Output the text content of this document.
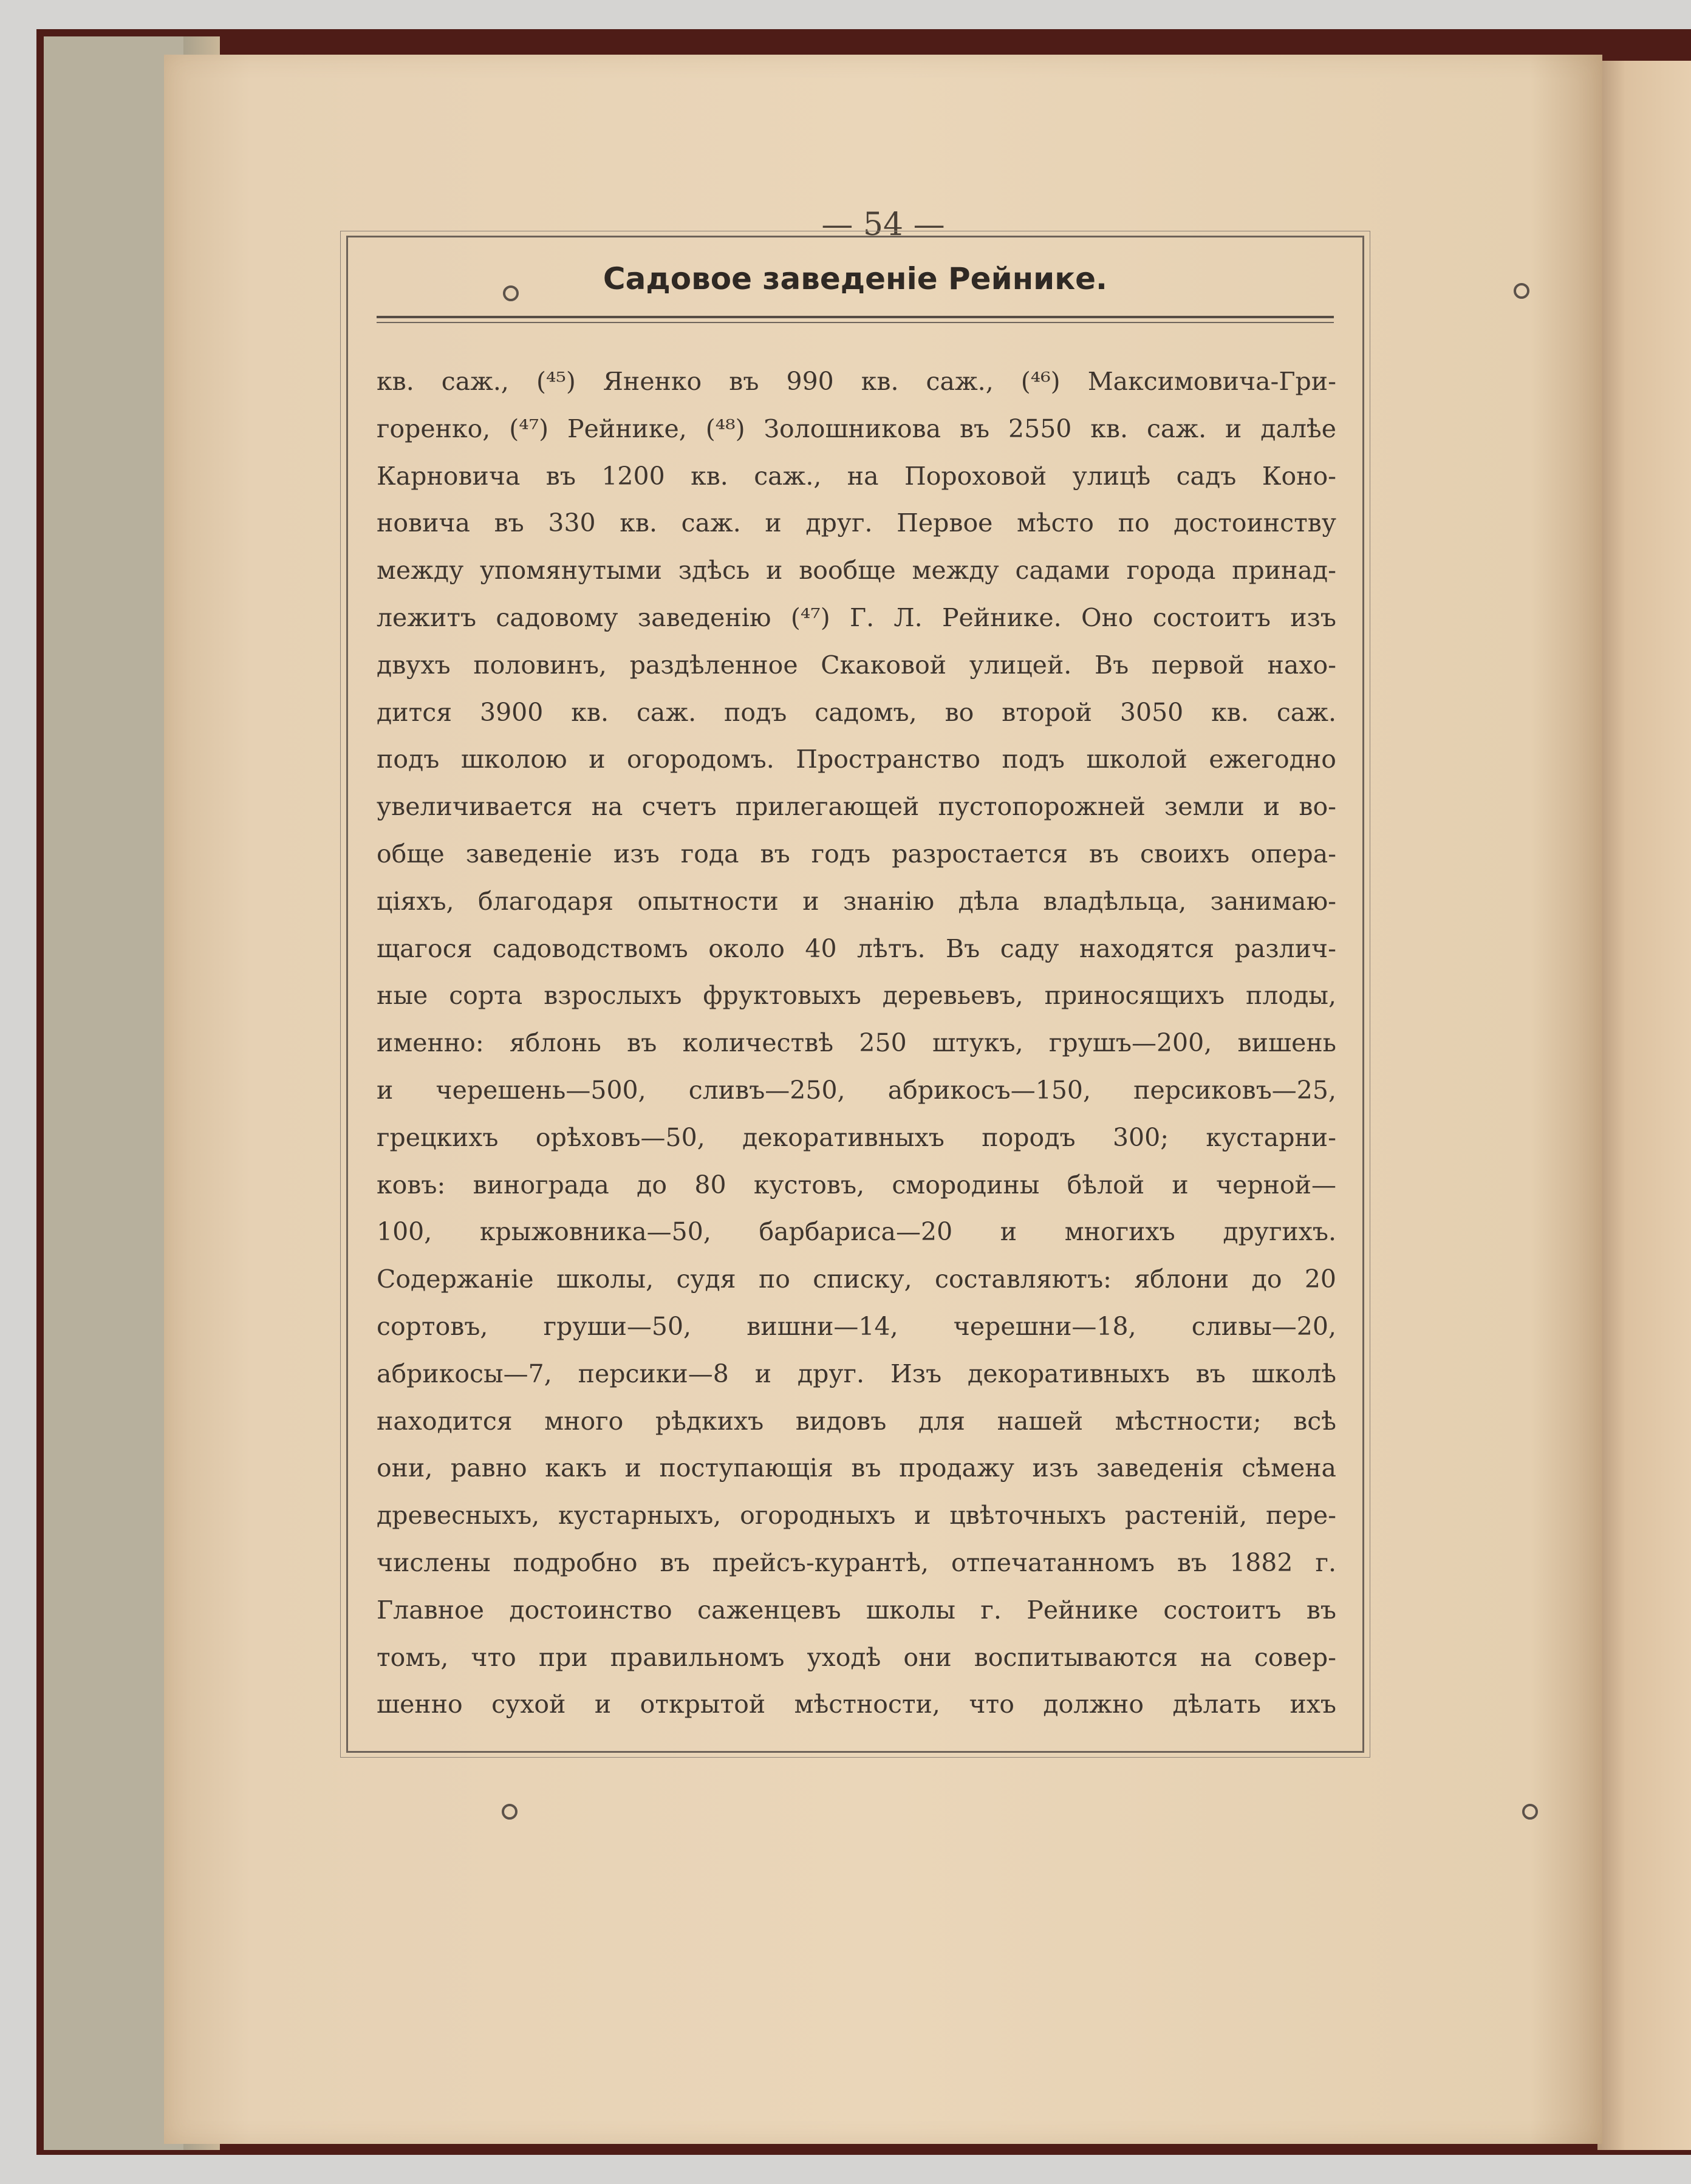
— 54 —
Садовое заведенiе Рейнике.
кв. саж., (⁴⁵) Яненко въ 990 кв. саж., (⁴⁶) Максимовича-Гри-
горенко, (⁴⁷) Рейнике, (⁴⁸) Золошникова въ 2550 кв. саж. и далѣе
Карновича въ 1200 кв. саж., на Пороховой улицѣ садъ Коно-
новича въ 330 кв. саж. и друг. Первое мѣсто по достоинству
между упомянутыми здѣсь и вообще между садами города принад-
лежитъ садовому заведенiю (⁴⁷) Г. Л. Рейнике. Оно состоитъ изъ
двухъ половинъ, раздѣленное Скаковой улицей. Въ первой нахо-
дится 3900 кв. саж. подъ садомъ, во второй 3050 кв. саж.
подъ школою и огородомъ. Пространство подъ школой ежегодно
увеличивается на счетъ прилегающей пустопорожней земли и во-
обще заведенiе изъ года въ годъ разростается въ своихъ опера-
цiяхъ, благодаря опытности и знанiю дѣла владѣльца, занимаю-
щагося садоводствомъ около 40 лѣтъ. Въ саду находятся различ-
ные сорта взрослыхъ фруктовыхъ деревьевъ, приносящихъ плоды,
именно: яблонь въ количествѣ 250 штукъ, грушъ—200, вишень
и черешень—500, сливъ—250, абрикосъ—150, персиковъ—25,
грецкихъ орѣховъ—50, декоративныхъ породъ 300; кустарни-
ковъ: винограда до 80 кустовъ, смородины бѣлой и черной—
100, крыжовника—50, барбариса—20 и многихъ другихъ.
Содержанiе школы, судя по списку, составляютъ: яблони до 20
сортовъ, груши—50, вишни—14, черешни—18, сливы—20,
абрикосы—7, персики—8 и друг. Изъ декоративныхъ въ школѣ
находится много рѣдкихъ видовъ для нашей мѣстности; всѣ
они, равно какъ и поступающiя въ продажу изъ заведенiя сѣмена
древесныхъ, кустарныхъ, огородныхъ и цвѣточныхъ растенiй, пере-
числены подробно въ прейсъ-курантѣ, отпечатанномъ въ 1882 г.
Главное достоинство саженцевъ школы г. Рейнике состоитъ въ
томъ, что при правильномъ уходѣ они воспитываются на совер-
шенно сухой и открытой мѣстности, что должно дѣлать ихъ
